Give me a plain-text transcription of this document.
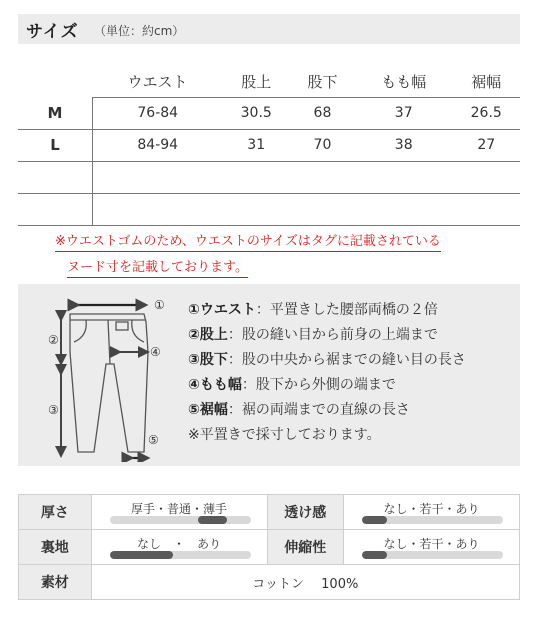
サイズ （単位：約cm）
	ウエスト	股上	股下	もも幅	裾幅
M	76-84	30.5	68	37	26.5
L	84-94	31	70	38	27

※ウエストゴムのため、ウエストのサイズはタグに記載されている
ヌード寸を記載しております。
①
②
③
④
⑤
①ウエスト：平置きした腰部両橋の２倍
②股上：股の縫い目から前身の上端まで
③股下：股の中央から裾までの縫い目の長さ
④もも幅：股下から外側の端まで
⑤裾幅：裾の両端までの直線の長さ
※平置きで採寸しております。
厚さ	厚手・普通・薄手	透け感	なし・若干・あり

裏地	なし　・　あり	伸縮性	なし・若干・あり

素材	コットン　 100%		
